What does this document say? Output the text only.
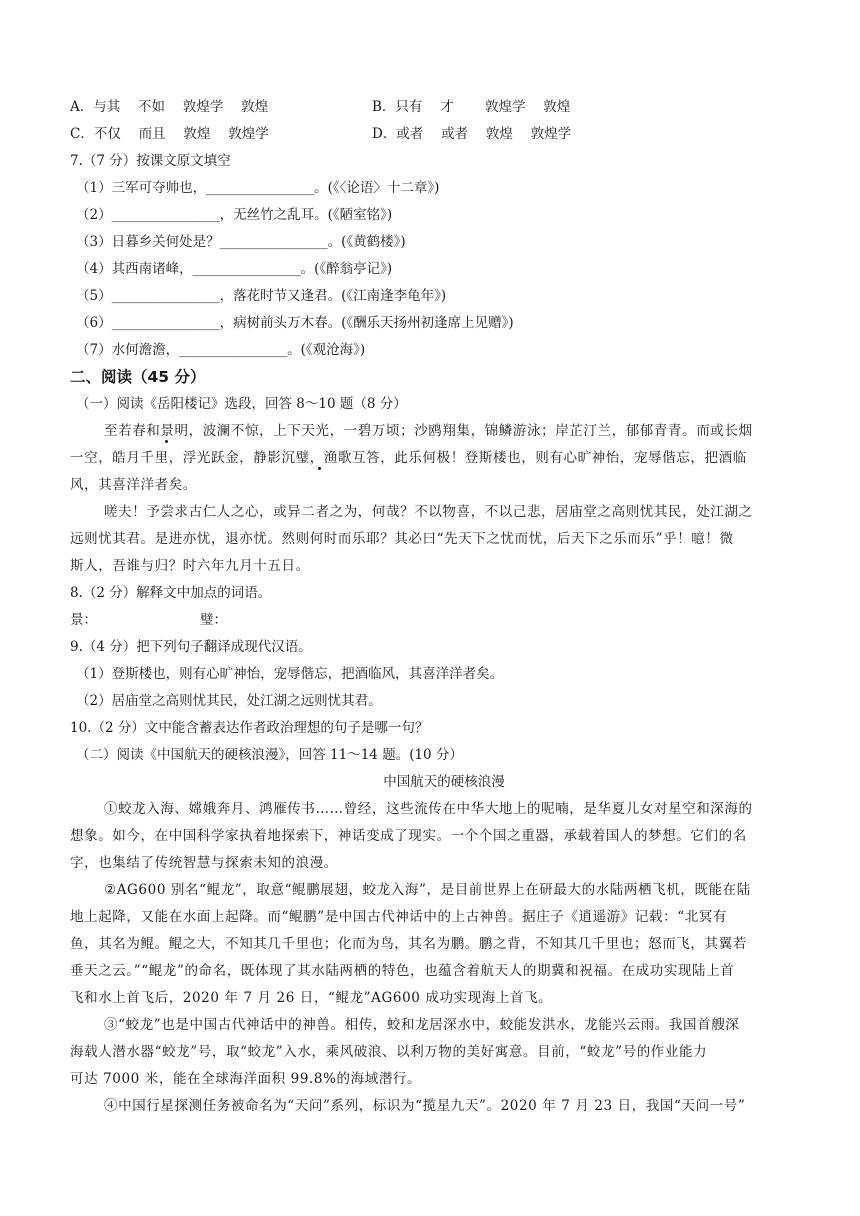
A．与其　 不如　 敦煌学　 敦煌	B．只有　 才　　 敦煌学　 敦煌
C．不仅　 而且　 敦煌　 敦煌学	D．或者　 或者　 敦煌　 敦煌学
7.（7 分）按课文原文填空
（1）三军可夺帅也，________________。(《〈论语〉十二章》)
（2）________________，无丝竹之乱耳。(《陋室铭》)
（3）日暮乡关何处是？________________。(《黄鹤楼》)
（4）其西南诸峰，________________。(《醉翁亭记》)
（5）________________，落花时节又逢君。(《江南逢李龟年》)
（6）________________，病树前头万木春。(《酬乐天扬州初逢席上见赠》)
（7）水何澹澹，________________。(《观沧海》)
二、阅读（45 分）
（一）阅读《岳阳楼记》选段，回答 8～10 题（8 分）
至若春和景明，波澜不惊，上下天光，一碧万顷；沙鸥翔集，锦鳞游泳；岸芷汀兰，郁郁青青。而或长烟
一空，皓月千里，浮光跃金，静影沉璧，渔歌互答，此乐何极！登斯楼也，则有心旷神怡，宠辱偕忘，把酒临
风，其喜洋洋者矣。
嗟夫！予尝求古仁人之心，或异二者之为，何哉？不以物喜，不以己悲，居庙堂之高则忧其民，处江湖之
远则忧其君。是进亦忧，退亦忧。然则何时而乐耶？其必曰“先天下之忧而忧，后天下之乐而乐”乎！噫！微
斯人，吾谁与归？时六年九月十五日。
8.（2 分）解释文中加点的词语。
景：	璧：
9.（4 分）把下列句子翻译成现代汉语。
（1）登斯楼也，则有心旷神怡，宠辱偕忘，把酒临风，其喜洋洋者矣。
（2）居庙堂之高则忧其民，处江湖之远则忧其君。
10.（2 分）文中能含蓄表达作者政治理想的句子是哪一句？
（二）阅读《中国航天的硬核浪漫》，回答 11～14 题。(10 分）
中国航天的硬核浪漫
①蛟龙入海、嫦娥奔月、鸿雁传书……曾经，这些流传在中华大地上的呢喃，是华夏儿女对星空和深海的
想象。如今，在中国科学家执着地探索下，神话变成了现实。一个个国之重器，承载着国人的梦想。它们的名
字，也集结了传统智慧与探索未知的浪漫。
②AG600 别名“鲲龙”，取意“鲲鹏展翅，蛟龙入海”，是目前世界上在研最大的水陆两栖飞机，既能在陆
地上起降，又能在水面上起降。而“鲲鹏”是中国古代神话中的上古神兽。据庄子《逍遥游》记载：“北冥有
鱼，其名为鲲。鲲之大，不知其几千里也；化而为鸟，其名为鹏。鹏之背，不知其几千里也；怒而飞，其翼若
垂天之云。”“鲲龙”的命名，既体现了其水陆两栖的特色，也蕴含着航天人的期冀和祝福。在成功实现陆上首
飞和水上首飞后，2020 年 7 月 26 日，“鲲龙”AG600 成功实现海上首飞。
③“蛟龙”也是中国古代神话中的神兽。相传，蛟和龙居深水中，蛟能发洪水，龙能兴云雨。我国首艘深
海载人潜水器“蛟龙”号，取“蛟龙”入水，乘风破浪、以利万物的美好寓意。目前，“蛟龙”号的作业能力
可达 7000 米，能在全球海洋面积 99.8%的海域潜行。
④中国行星探测任务被命名为“天问”系列，标识为“揽星九天”。2020 年 7 月 23 日，我国“天问一号”
